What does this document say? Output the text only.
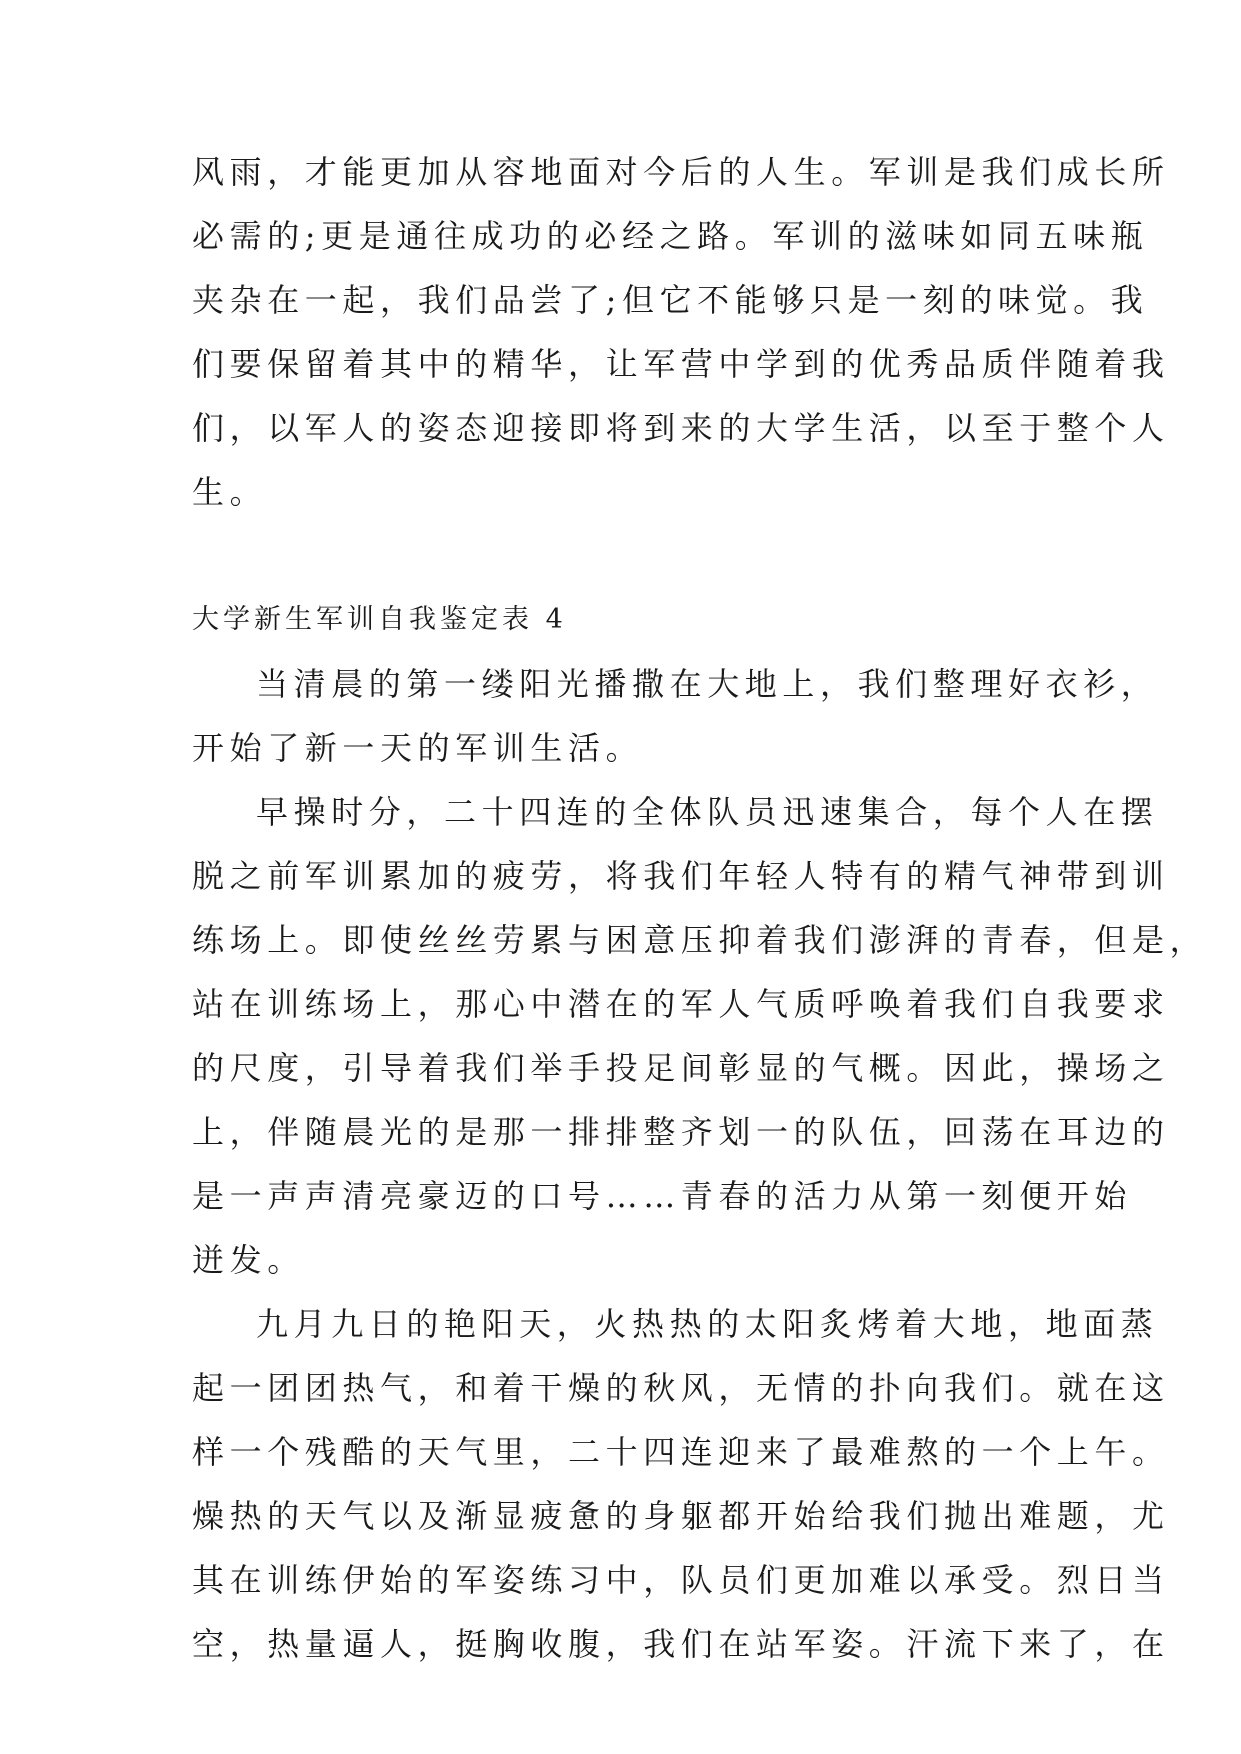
风雨，才能更加从容地面对今后的人生。军训是我们成长所
必需的;更是通往成功的必经之路。军训的滋味如同五味瓶
夹杂在一起，我们品尝了;但它不能够只是一刻的味觉。我
们要保留着其中的精华，让军营中学到的优秀品质伴随着我
们，以军人的姿态迎接即将到来的大学生活，以至于整个人
生。
大学新生军训自我鉴定表 4
当清晨的第一缕阳光播撒在大地上，我们整理好衣衫，
开始了新一天的军训生活。
早操时分，二十四连的全体队员迅速集合，每个人在摆
脱之前军训累加的疲劳，将我们年轻人特有的精气神带到训
练场上。即使丝丝劳累与困意压抑着我们澎湃的青春，但是，
站在训练场上，那心中潜在的军人气质呼唤着我们自我要求
的尺度，引导着我们举手投足间彰显的气概。因此，操场之
上，伴随晨光的是那一排排整齐划一的队伍，回荡在耳边的
是一声声清亮豪迈的口号……青春的活力从第一刻便开始
迸发。
九月九日的艳阳天，火热热的太阳炙烤着大地，地面蒸
起一团团热气，和着干燥的秋风，无情的扑向我们。就在这
样一个残酷的天气里，二十四连迎来了最难熬的一个上午。
燥热的天气以及渐显疲惫的身躯都开始给我们抛出难题，尤
其在训练伊始的军姿练习中，队员们更加难以承受。烈日当
空，热量逼人，挺胸收腹，我们在站军姿。汗流下来了，在
